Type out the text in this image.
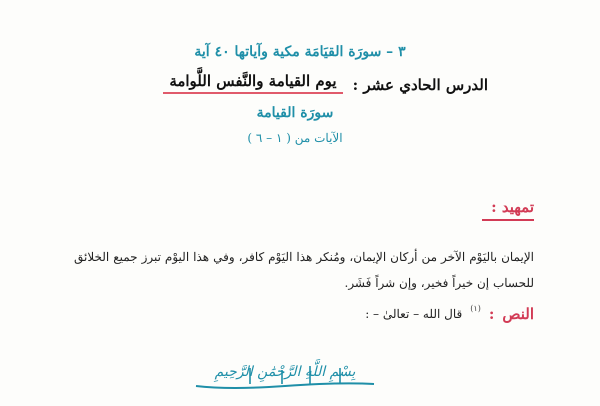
٣ – سورَة القيَامَة مكية وآياتها ٤٠ آية
الدرس الحادي عشر :
يوم القيامة والنَّفس اللَّوامة
سورَة القيامة
الآيات من ( ١ – ٦ )
تمهيد :

الإيمان باليَوْم الآخر من أركان الإيمان، ومُنكر هذا اليَوْم كافر، وفي هذا اليوْم تبرز جميع الخلائق للحساب إن خيراً فخير، وإن شراً فَشَر.

النص
:
(١)
قال الله – تعالىٰ – :
بِسْمِ اللَّهِ الرَّحْمَٰنِ الرَّحِيمِ
